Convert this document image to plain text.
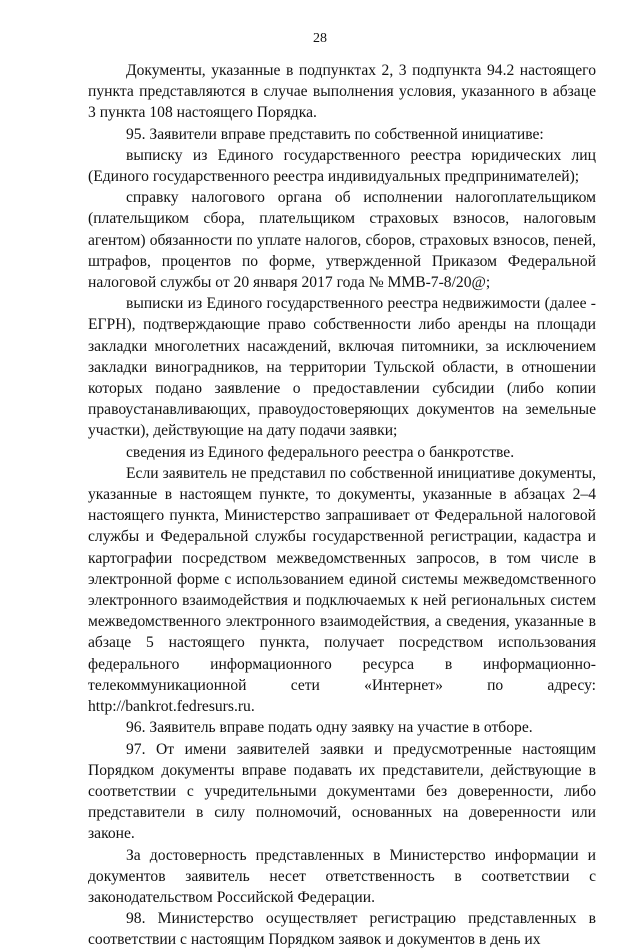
28

Документы, указанные в подпунктах 2, 3 подпункта 94.2 настоящего пункта представляются в случае выполнения условия, указанного в абзаце 3 пункта 108 настоящего Порядка.

95. Заявители вправе представить по собственной инициативе:

выписку из Единого государственного реестра юридических лиц (Единого государственного реестра индивидуальных предпринимателей);

справку налогового органа об исполнении налогоплательщиком (плательщиком сбора, плательщиком страховых взносов, налоговым агентом) обязанности по уплате налогов, сборов, страховых взносов, пеней, штрафов, процентов по форме, утвержденной Приказом Федеральной налоговой службы от 20 января 2017 года № ММВ-7-8/20@;

выписки из Единого государственного реестра недвижимости (далее - ЕГРН), подтверждающие право собственности либо аренды на площади закладки многолетних насаждений, включая питомники, за исключением закладки виноградников, на территории Тульской области, в отношении которых подано заявление о предоставлении субсидии (либо копии правоустанавливающих, правоудостоверяющих документов на земельные участки), действующие на дату подачи заявки;

сведения из Единого федерального реестра о банкротстве.

Если заявитель не представил по собственной инициативе документы, указанные в настоящем пункте, то документы, указанные в абзацах 2–4 настоящего пункта, Министерство запрашивает от Федеральной налоговой службы и Федеральной службы государственной регистрации, кадастра и картографии посредством межведомственных запросов, в том числе в электронной форме с использованием единой системы межведомственного электронного взаимодействия и подключаемых к ней региональных систем межведомственного электронного взаимодействия, а сведения, указанные в абзаце 5 настоящего пункта, получает посредством использования федерального информационного ресурса в информационно-телекоммуникационной сети «Интернет» по адресу: http://bankrot.fedresurs.ru.

96. Заявитель вправе подать одну заявку на участие в отборе.

97. От имени заявителей заявки и предусмотренные настоящим Порядком документы вправе подавать их представители, действующие в соответствии с учредительными документами без доверенности, либо представители в силу полномочий, основанных на доверенности или законе.

За достоверность представленных в Министерство информации и документов заявитель несет ответственность в соответствии с законодательством Российской Федерации.

98. Министерство осуществляет регистрацию представленных в соответствии с настоящим Порядком заявок и документов в день их
